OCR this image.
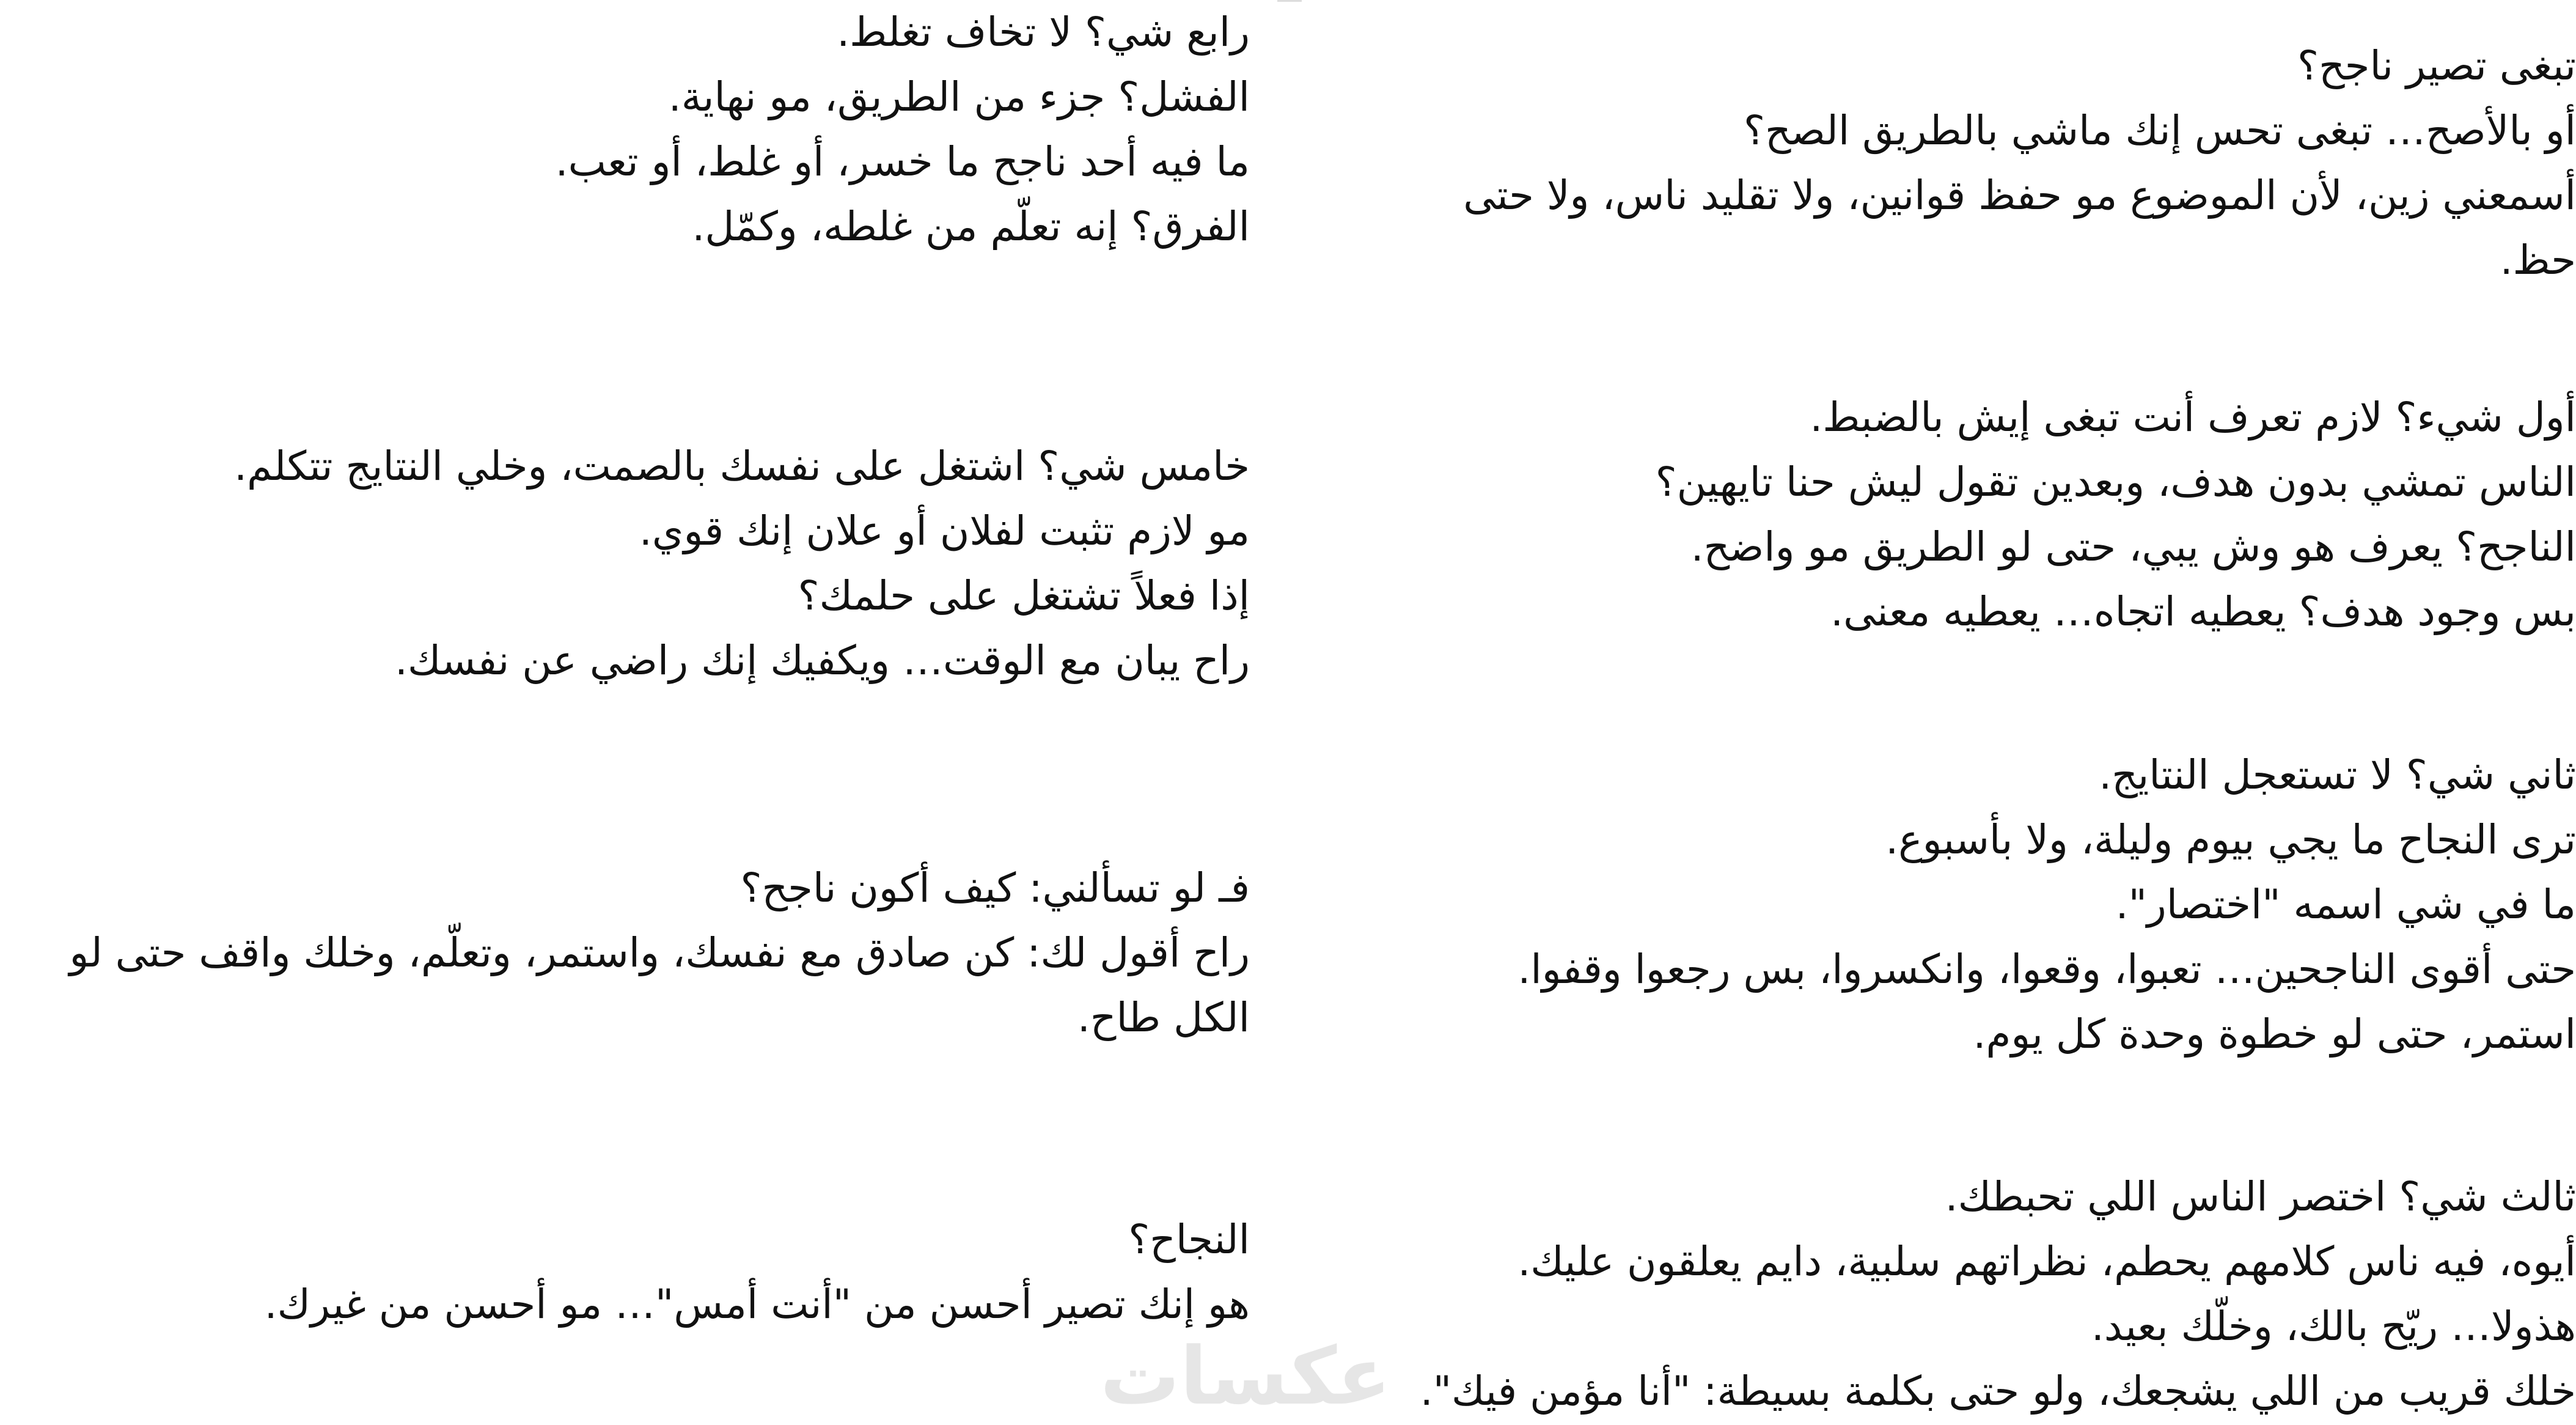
تبغى تصير ناجح؟
أو بالأصح… تبغى تحس إنك ماشي بالطريق الصح؟
أسمعني زين، لأن الموضوع مو حفظ قوانين، ولا تقليد ناس، ولا حتى حظ.
أول شيء؟ لازم تعرف أنت تبغى إيش بالضبط.
الناس تمشي بدون هدف، وبعدين تقول ليش حنا تايهين؟
الناجح؟ يعرف هو وش يبي، حتى لو الطريق مو واضح.
بس وجود هدف؟ يعطيه اتجاه… يعطيه معنى.
ثاني شي؟ لا تستعجل النتايج.
ترى النجاح ما يجي بيوم وليلة، ولا بأسبوع.
ما في شي اسمه "اختصار".
حتى أقوى الناجحين… تعبوا، وقعوا، وانكسروا، بس رجعوا وقفوا.
استمر، حتى لو خطوة وحدة كل يوم.
ثالث شي؟ اختصر الناس اللي تحبطك.
أيوه، فيه ناس كلامهم يحطم، نظراتهم سلبية، دايم يعلقون عليك.
هذولا… ريّح بالك، وخلّك بعيد.
خلك قريب من اللي يشجعك، ولو حتى بكلمة بسيطة: "أنا مؤمن فيك".
رابع شي؟ لا تخاف تغلط.
الفشل؟ جزء من الطريق، مو نهاية.
ما فيه أحد ناجح ما خسر، أو غلط، أو تعب.
الفرق؟ إنه تعلّم من غلطه، وكمّل.
خامس شي؟ اشتغل على نفسك بالصمت، وخلي النتايج تتكلم.
مو لازم تثبت لفلان أو علان إنك قوي.
إذا فعلاً تشتغل على حلمك؟
راح يبان مع الوقت… ويكفيك إنك راضي عن نفسك.
فـ لو تسألني: كيف أكون ناجح؟
راح أقول لك: كن صادق مع نفسك، واستمر، وتعلّم، وخلك واقف حتى لو الكل طاح.
النجاح؟
هو إنك تصير أحسن من "أنت أمس"… مو أحسن من غيرك.
عكسات
